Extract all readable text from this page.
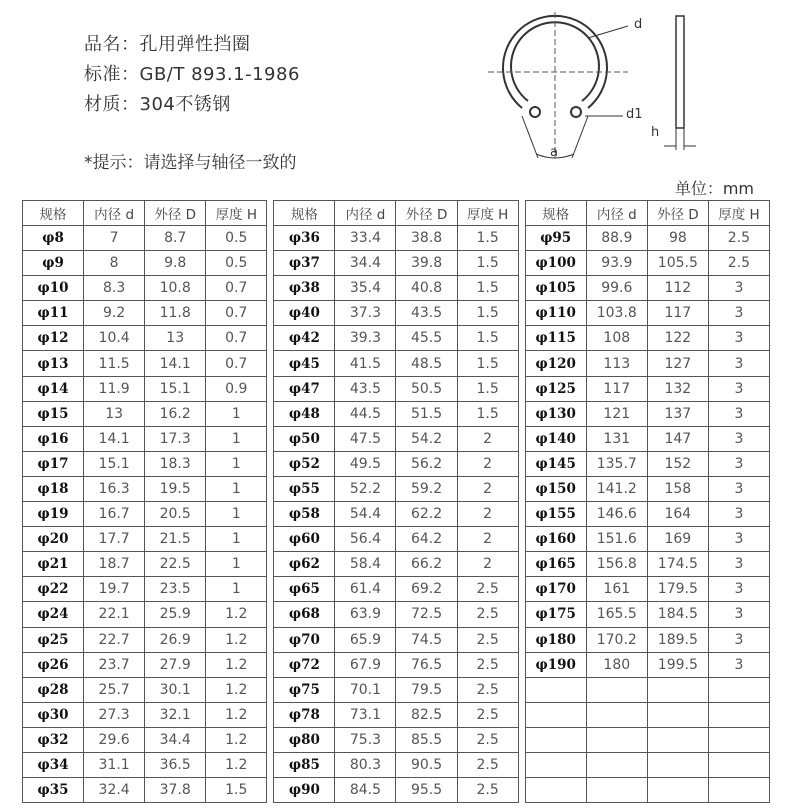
品名：孔用弹性挡圈
标准：GB/T 893.1-1986
材质：304不锈钢
*提示：请选择与轴径一致的
单位：mm
d
d1
h
a
规格	内径 d	外径 D	厚度 H
φ8	7	8.7	0.5
φ9	8	9.8	0.5
φ10	8.3	10.8	0.7
φ11	9.2	11.8	0.7
φ12	10.4	13	0.7
φ13	11.5	14.1	0.7
φ14	11.9	15.1	0.9
φ15	13	16.2	1
φ16	14.1	17.3	1
φ17	15.1	18.3	1
φ18	16.3	19.5	1
φ19	16.7	20.5	1
φ20	17.7	21.5	1
φ21	18.7	22.5	1
φ22	19.7	23.5	1
φ24	22.1	25.9	1.2
φ25	22.7	26.9	1.2
φ26	23.7	27.9	1.2
φ28	25.7	30.1	1.2
φ30	27.3	32.1	1.2
φ32	29.6	34.4	1.2
φ34	31.1	36.5	1.2
φ35	32.4	37.8	1.5
规格	内径 d	外径 D	厚度 H
φ36	33.4	38.8	1.5
φ37	34.4	39.8	1.5
φ38	35.4	40.8	1.5
φ40	37.3	43.5	1.5
φ42	39.3	45.5	1.5
φ45	41.5	48.5	1.5
φ47	43.5	50.5	1.5
φ48	44.5	51.5	1.5
φ50	47.5	54.2	2
φ52	49.5	56.2	2
φ55	52.2	59.2	2
φ58	54.4	62.2	2
φ60	56.4	64.2	2
φ62	58.4	66.2	2
φ65	61.4	69.2	2.5
φ68	63.9	72.5	2.5
φ70	65.9	74.5	2.5
φ72	67.9	76.5	2.5
φ75	70.1	79.5	2.5
φ78	73.1	82.5	2.5
φ80	75.3	85.5	2.5
φ85	80.3	90.5	2.5
φ90	84.5	95.5	2.5
规格	内径 d	外径 D	厚度 H
φ95	88.9	98	2.5
φ100	93.9	105.5	2.5
φ105	99.6	112	3
φ110	103.8	117	3
φ115	108	122	3
φ120	113	127	3
φ125	117	132	3
φ130	121	137	3
φ140	131	147	3
φ145	135.7	152	3
φ150	141.2	158	3
φ155	146.6	164	3
φ160	151.6	169	3
φ165	156.8	174.5	3
φ170	161	179.5	3
φ175	165.5	184.5	3
φ180	170.2	189.5	3
φ190	180	199.5	3
